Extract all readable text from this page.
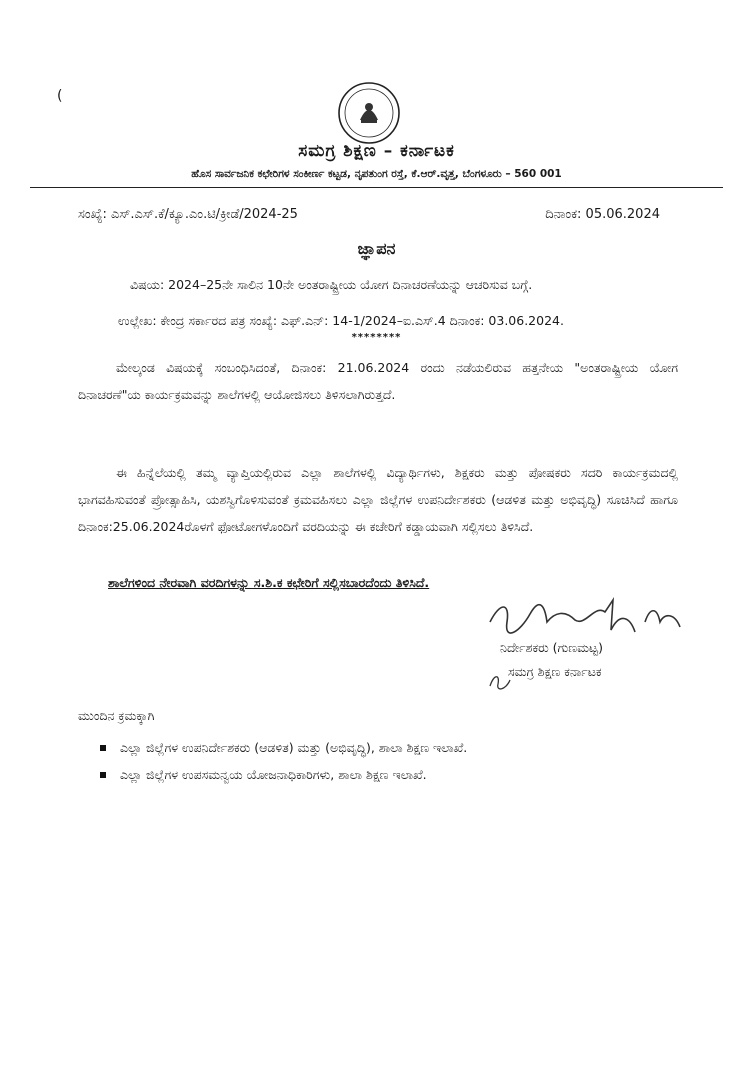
(
ಸಮಗ್ರ ಶಿಕ್ಷಣ – ಕರ್ನಾಟಕ
ಹೊಸ ಸಾರ್ವಜನಿಕ ಕಛೇರಿಗಳ ಸಂಕೀರ್ಣ ಕಟ್ಟಡ, ನೃಪತುಂಗ ರಸ್ತೆ, ಕೆ.ಆರ್.ವೃತ್ತ, ಬೆಂಗಳೂರು – 560 001
ಸಂಖ್ಯೆ: ಎಸ್.ಎಸ್.ಕೆ/ಕ್ಯೂ.ಎಂ.ಟಿ/ಕ್ರೀಡೆ/2024-25	ದಿನಾಂಕ: 05.06.2024
ಜ್ಞಾಪನ
ವಿಷಯ: 2024–25ನೇ ಸಾಲಿನ 10ನೇ ಅಂತರಾಷ್ಟ್ರೀಯ ಯೋಗ ದಿನಾಚರಣೆಯನ್ನು ಆಚರಿಸುವ ಬಗ್ಗೆ.
ಉಲ್ಲೇಖ: ಕೇಂದ್ರ ಸರ್ಕಾರದ ಪತ್ರ ಸಂಖ್ಯೆ: ಎಫ್.ಎನ್: 14-1/2024–ಐ.ಎಸ್.4 ದಿನಾಂಕ: 03.06.2024.
********
ಮೇಲ್ಕಂಡ ವಿಷಯಕ್ಕೆ ಸಂಬಂಧಿಸಿದಂತೆ, ದಿನಾಂಕ: 21.06.2024 ರಂದು ನಡೆಯಲಿರುವ ಹತ್ತನೇಯ "ಅಂತರಾಷ್ಟ್ರೀಯ ಯೋಗ ದಿನಾಚರಣೆ"ಯ ಕಾರ್ಯಕ್ರಮವನ್ನು ಶಾಲೆಗಳಲ್ಲಿ ಆಯೋಜಿಸಲು ತಿಳಿಸಲಾಗಿರುತ್ತದೆ.
ಈ ಹಿನ್ನೆಲೆಯಲ್ಲಿ ತಮ್ಮ ವ್ಯಾಪ್ತಿಯಲ್ಲಿರುವ ಎಲ್ಲಾ ಶಾಲೆಗಳಲ್ಲಿ ವಿದ್ಯಾರ್ಥಿಗಳು, ಶಿಕ್ಷಕರು ಮತ್ತು ಪೋಷಕರು ಸದರಿ ಕಾರ್ಯಕ್ರಮದಲ್ಲಿ ಭಾಗವಹಿಸುವಂತೆ ಪ್ರೋತ್ಸಾಹಿಸಿ, ಯಶಸ್ವಿಗೊಳಿಸುವಂತೆ ಕ್ರಮವಹಿಸಲು ಎಲ್ಲಾ ಜಿಲ್ಲೆಗಳ ಉಪನಿರ್ದೇಶಕರು (ಆಡಳಿತ ಮತ್ತು ಅಭಿವೃದ್ಧಿ) ಸೂಚಿಸಿದೆ ಹಾಗೂ ದಿನಾಂಕ:25.06.2024ರೊಳಗೆ ಫೋಟೋಗಳೊಂದಿಗೆ ವರದಿಯನ್ನು ಈ ಕಚೇರಿಗೆ ಕಡ್ಡಾಯವಾಗಿ ಸಲ್ಲಿಸಲು ತಿಳಿಸಿದೆ.
ಶಾಲೆಗಳಿಂದ ನೇರವಾಗಿ ವರದಿಗಳನ್ನು ಸ.ಶಿ.ಕ ಕಛೇರಿಗೆ ಸಲ್ಲಿಸಬಾರದೆಂದು ತಿಳಿಸಿದೆ.
ನಿರ್ದೇಶಕರು (ಗುಣಮಟ್ಟ)
ಸಮಗ್ರ ಶಿಕ್ಷಣ ಕರ್ನಾಟಕ
ಮುಂದಿನ ಕ್ರಮಕ್ಕಾಗಿ
ಎಲ್ಲಾ ಜಿಲ್ಲೆಗಳ ಉಪನಿರ್ದೇಶಕರು (ಆಡಳಿತ) ಮತ್ತು (ಅಭಿವೃದ್ಧಿ), ಶಾಲಾ ಶಿಕ್ಷಣ ಇಲಾಖೆ.
ಎಲ್ಲಾ ಜಿಲ್ಲೆಗಳ ಉಪಸಮನ್ವಯ ಯೋಜನಾಧಿಕಾರಿಗಳು, ಶಾಲಾ ಶಿಕ್ಷಣ ಇಲಾಖೆ.
